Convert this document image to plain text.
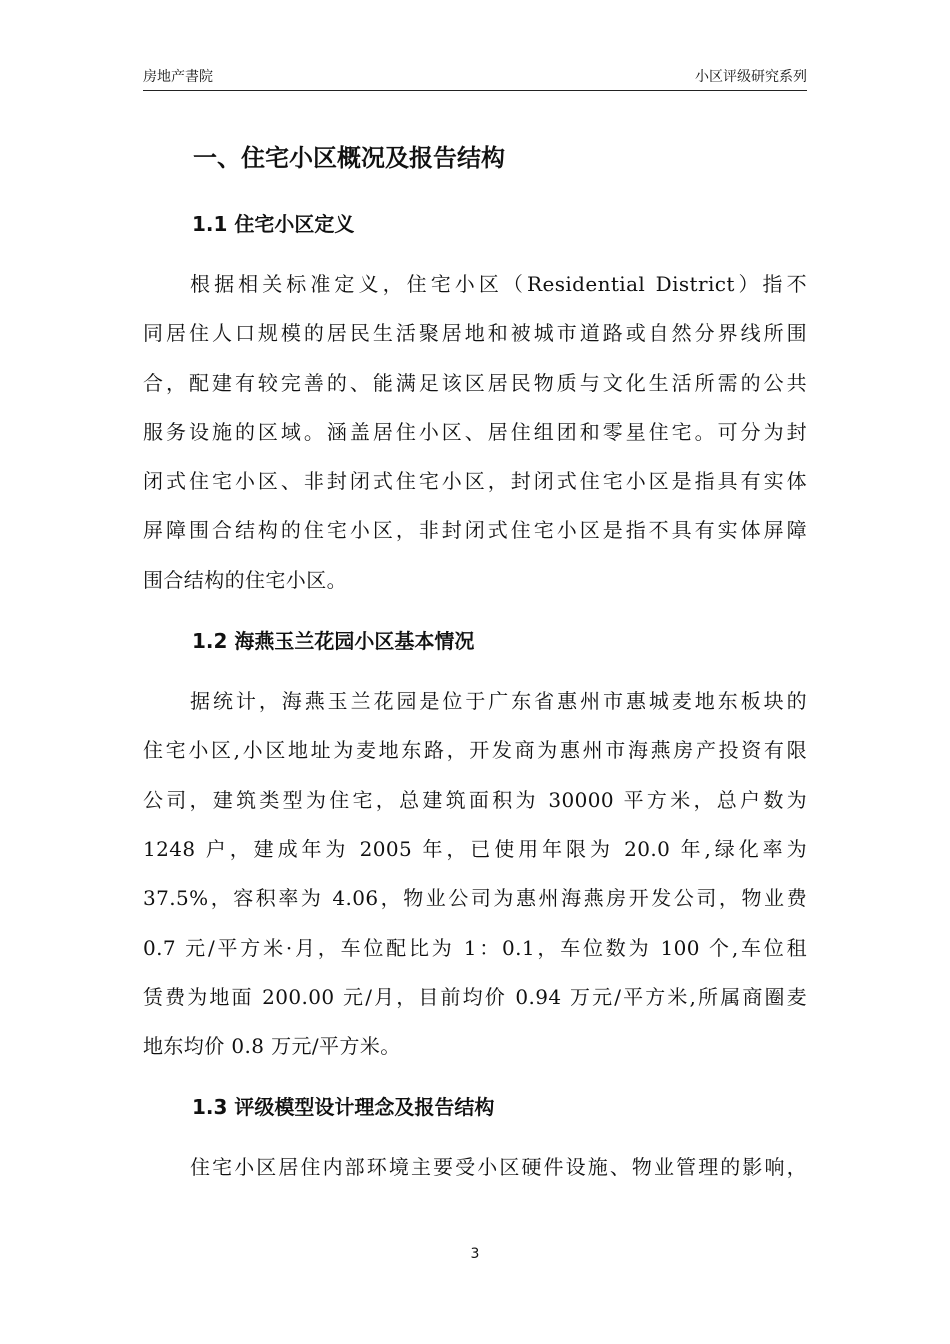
房地产書院	小区评级研究系列
一、住宅小区概况及报告结构
1.1 住宅小区定义
根据相关标准定义，住宅小区（Residential District）指不
同居住人口规模的居民生活聚居地和被城市道路或自然分界线所围
合，配建有较完善的、能满足该区居民物质与文化生活所需的公共
服务设施的区域。涵盖居住小区、居住组团和零星住宅。可分为封
闭式住宅小区、非封闭式住宅小区，封闭式住宅小区是指具有实体
屏障围合结构的住宅小区，非封闭式住宅小区是指不具有实体屏障
围合结构的住宅小区。
1.2 海燕玉兰花园小区基本情况
据统计，海燕玉兰花园是位于广东省惠州市惠城麦地东板块的
住宅小区,小区地址为麦地东路，开发商为惠州市海燕房产投资有限
公司，建筑类型为住宅，总建筑面积为 30000 平方米，总户数为
1248 户，建成年为 2005 年，已使用年限为 20.0 年,绿化率为
37.5%，容积率为 4.06，物业公司为惠州海燕房开发公司，物业费
0.7 元/平方米·月，车位配比为 1：0.1，车位数为 100 个,车位租
赁费为地面 200.00 元/月，目前均价 0.94 万元/平方米,所属商圈麦
地东均价 0.8 万元/平方米。
1.3 评级模型设计理念及报告结构
住宅小区居住内部环境主要受小区硬件设施、物业管理的影响，
3
